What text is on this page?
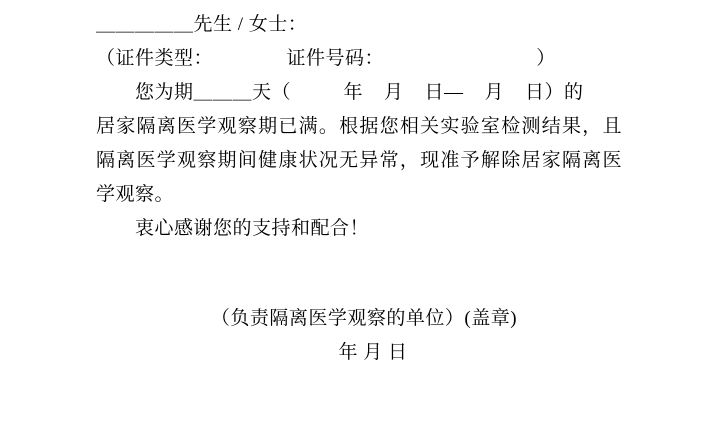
＿＿＿＿＿先生 / 女士：
（证件类型：              证件号码：                             ）
　　您为期＿＿＿天（          年    月    日—    月    日）的
居家隔离医学观察期已满。根据您相关实验室检测结果，且
隔离医学观察期间健康状况无异常，现准予解除居家隔离医
学观察。
　　衷心感谢您的支持和配合！
（负责隔离医学观察的单位）(盖章)
年 月 日
